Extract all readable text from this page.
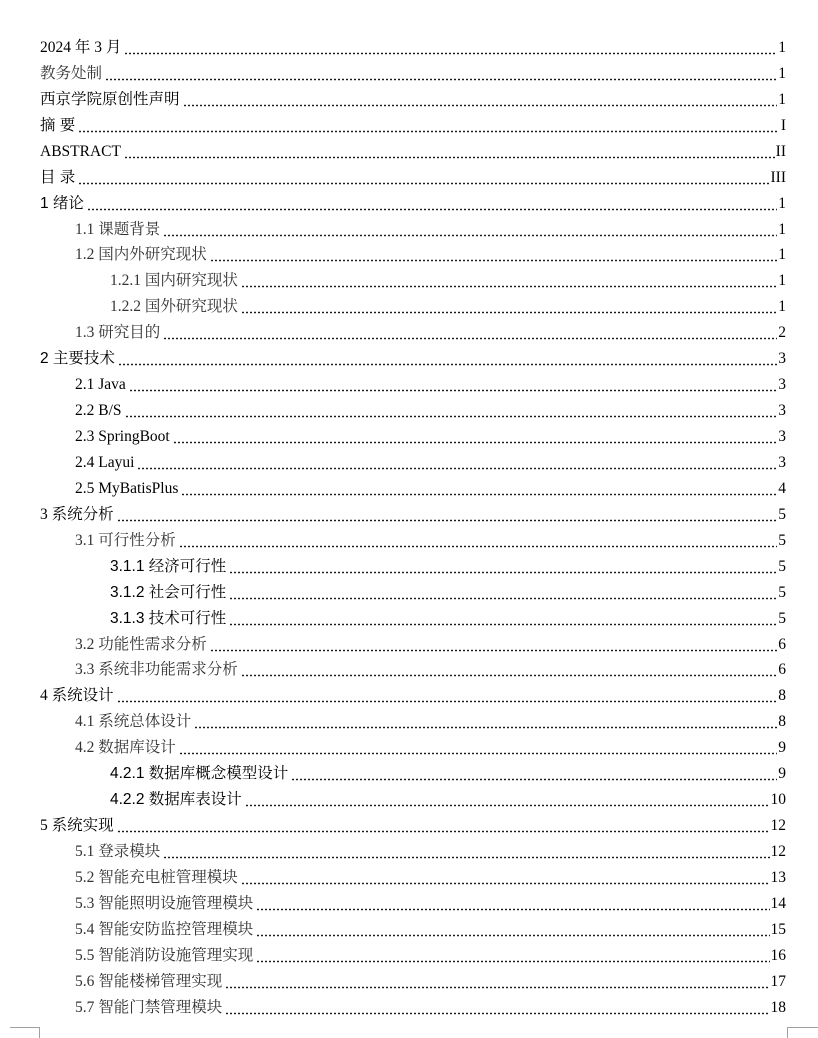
2024 年 3 月	1
教务处制	1
西京学院原创性声明	1
摘 要	I
ABSTRACT	II
目 录	III
1 绪论	1
1.1 课题背景	1
1.2 国内外研究现状	1
1.2.1 国内研究现状	1
1.2.2 国外研究现状	1
1.3 研究目的	2
2 主要技术	3
2.1 Java	3
2.2 B/S	3
2.3 SpringBoot	3
2.4 Layui	3
2.5 MyBatisPlus	4
3 系统分析	5
3.1 可行性分析	5
3.1.1 经济可行性	5
3.1.2 社会可行性	5
3.1.3 技术可行性	5
3.2 功能性需求分析	6
3.3 系统非功能需求分析	6
4 系统设计	8
4.1 系统总体设计	8
4.2 数据库设计	9
4.2.1 数据库概念模型设计	9
4.2.2 数据库表设计	10
5 系统实现	12
5.1 登录模块	12
5.2 智能充电桩管理模块	13
5.3 智能照明设施管理模块	14
5.4 智能安防监控管理模块	15
5.5 智能消防设施管理实现	16
5.6 智能楼梯管理实现	17
5.7 智能门禁管理模块	18
